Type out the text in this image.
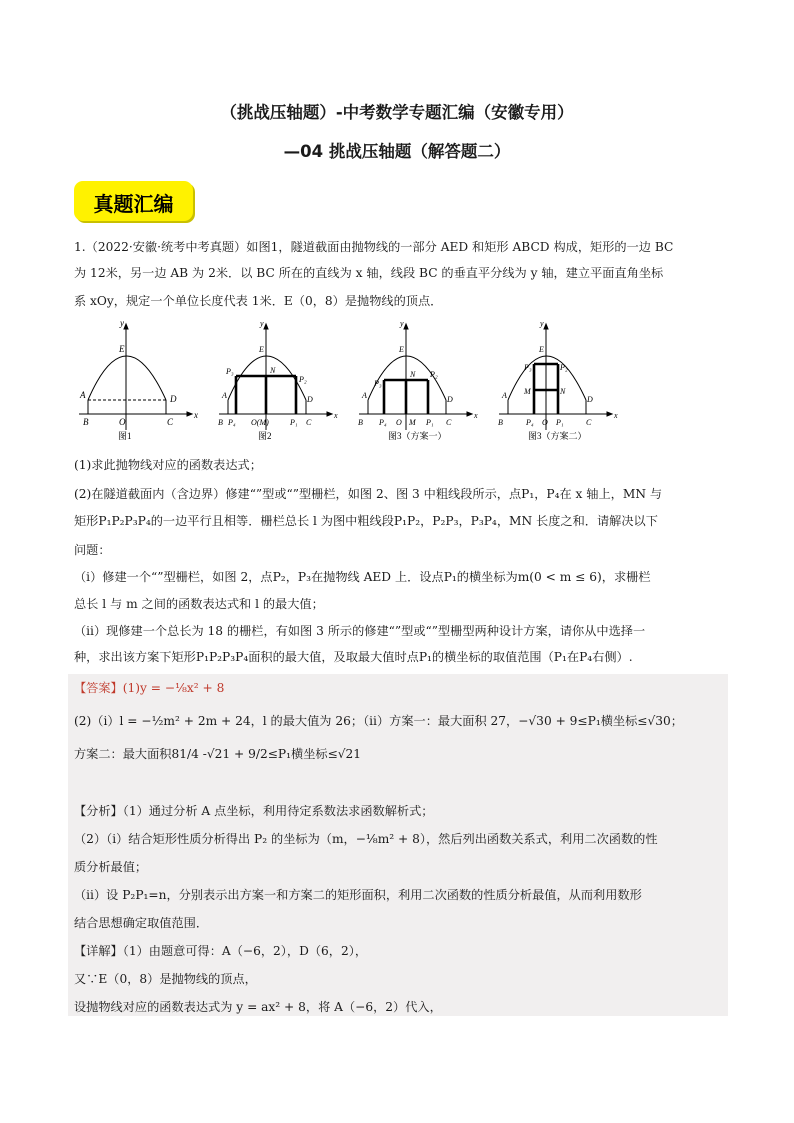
（挑战压轴题）-中考数学专题汇编（安徽专用）
—04 挑战压轴题（解答题二）
真题汇编
1.（2022·安徽·统考中考真题）如图1，隧道截面由抛物线的一部分 AED 和矩形 ABCD 构成，矩形的一边 BC
为 12米，另一边 AB 为 2米．以 BC 所在的直线为 x 轴，线段 BC 的垂直平分线为 y 轴，建立平面直角坐标
系 xOy，规定一个单位长度代表 1米．E（0，8）是抛物线的顶点．
y
x
E
A
B	O	C
D
图1
y
x
E
P₃	N
P₂
A	D
B P₄ O(M)	P₁ C
图2
y
x
E
P₃
N P₂
A	D
B P₄ O M P₁ C
图3（方案一）
y
x
E
P₃	P₂
M	N
A	D
B	P₄ O P₁	C
图3（方案二）
(1)求此抛物线对应的函数表达式；
(2)在隧道截面内（含边界）修建“”型或“”型栅栏，如图 2、图 3 中粗线段所示，点P₁，P₄在 x 轴上，MN 与
矩形P₁P₂P₃P₄的一边平行且相等．栅栏总长 l 为图中粗线段P₁P₂，P₂P₃，P₃P₄，MN 长度之和．请解决以下
问题：
（ⅰ）修建一个“”型栅栏，如图 2，点P₂，P₃在抛物线 AED 上．设点P₁的横坐标为m(0 < m ≤ 6)，求栅栏
总长 l 与 m 之间的函数表达式和 l 的最大值；
（ⅱ）现修建一个总长为 18 的栅栏，有如图 3 所示的修建“”型或“”型栅型两种设计方案，请你从中选择一
种，求出该方案下矩形P₁P₂P₃P₄面积的最大值，及取最大值时点P₁的横坐标的取值范围（P₁在P₄右侧）.
【答案】(1)y = −⅛x² + 8
(2)（ⅰ）l = −½m² + 2m + 24，l 的最大值为 26；（ⅱ）方案一：最大面积 27，−√30 + 9≤P₁横坐标≤√30；
方案二：最大面积81/4 -√21 + 9/2≤P₁横坐标≤√21
【分析】（1）通过分析 A 点坐标，利用待定系数法求函数解析式；
（2）（ⅰ）结合矩形性质分析得出 P₂ 的坐标为（m，−⅛m² + 8），然后列出函数关系式，利用二次函数的性
质分析最值；
（ⅱ）设 P₂P₁=n，分别表示出方案一和方案二的矩形面积，利用二次函数的性质分析最值，从而利用数形
结合思想确定取值范围．
【详解】（1）由题意可得：A（−6，2），D（6，2），
又∵E（0，8）是抛物线的顶点，
设抛物线对应的函数表达式为 y = ax² + 8，将 A（−6，2）代入，
